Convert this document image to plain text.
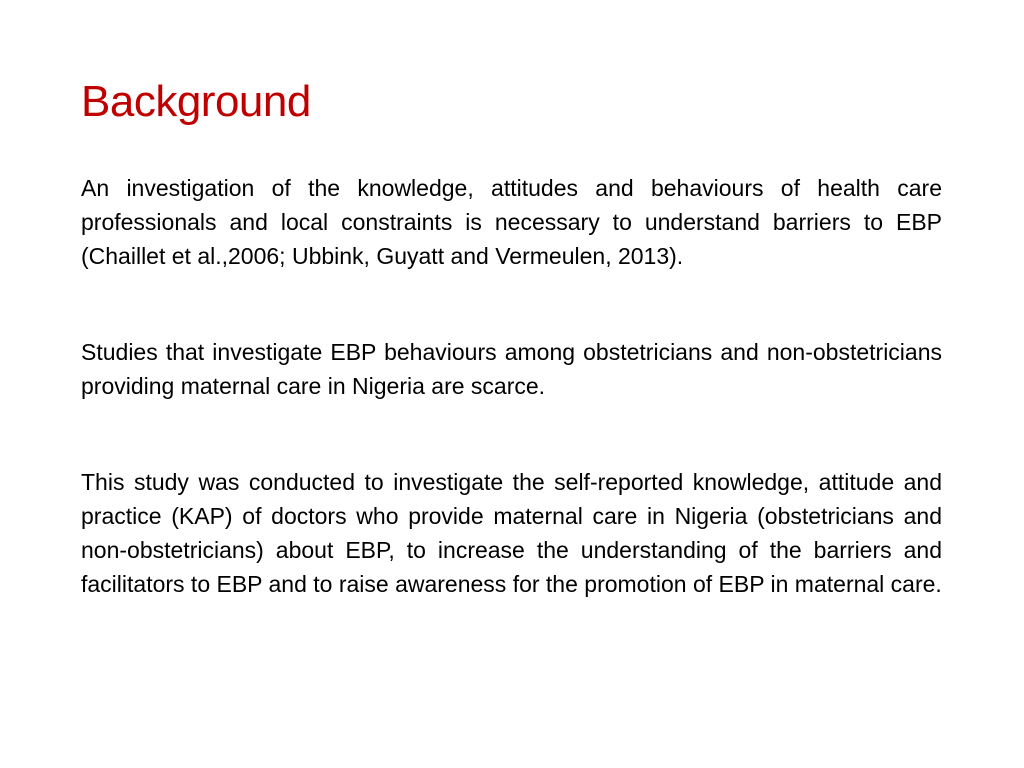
Background

An investigation of the knowledge, attitudes and behaviours of health care professionals and local constraints is necessary to understand barriers to EBP (Chaillet et al.,2006; Ubbink, Guyatt and Vermeulen, 2013).

Studies that investigate EBP behaviours among obstetricians and non-obstetricians providing maternal care in Nigeria are scarce.

This study was conducted to investigate the self-reported knowledge, attitude and practice (KAP) of doctors who provide maternal care in Nigeria (obstetricians and non-obstetricians) about EBP, to increase the understanding of the barriers and facilitators to EBP and to raise awareness for the promotion of EBP in maternal care.
